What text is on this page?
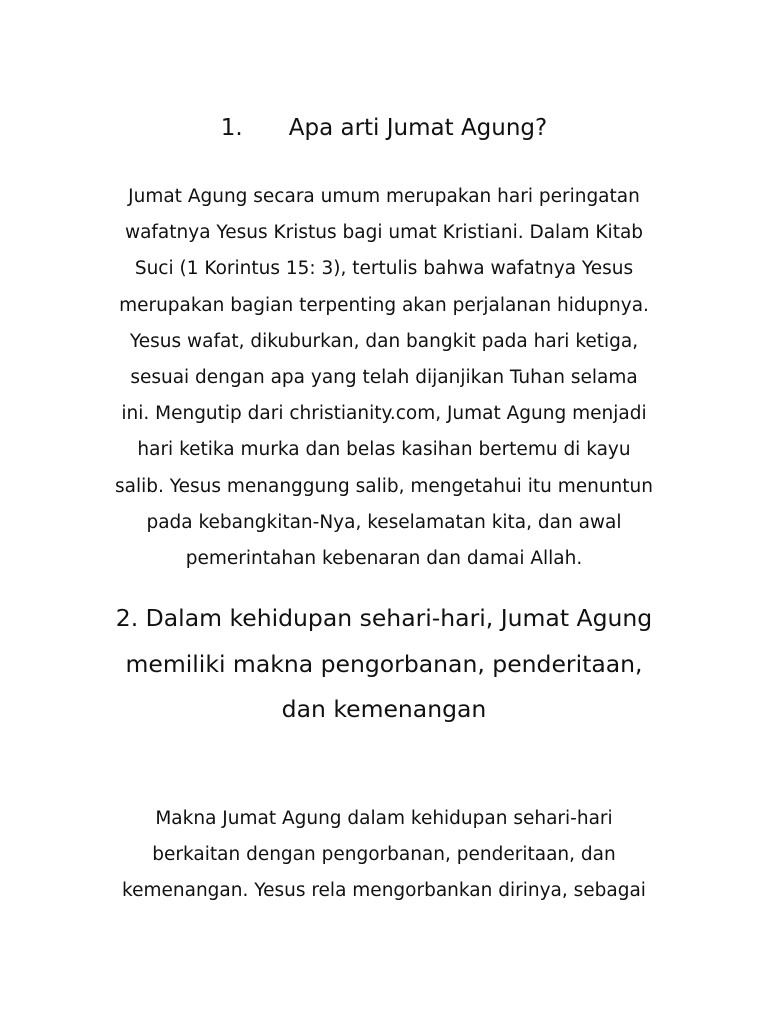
1. Apa arti Jumat Agung?
Jumat Agung secara umum merupakan hari peringatan
wafatnya Yesus Kristus bagi umat Kristiani. Dalam Kitab
Suci (1 Korintus 15: 3), tertulis bahwa wafatnya Yesus
merupakan bagian terpenting akan perjalanan hidupnya.
Yesus wafat, dikuburkan, dan bangkit pada hari ketiga,
sesuai dengan apa yang telah dijanjikan Tuhan selama
ini. Mengutip dari christianity.com, Jumat Agung menjadi
hari ketika murka dan belas kasihan bertemu di kayu
salib. Yesus menanggung salib, mengetahui itu menuntun
pada kebangkitan-Nya, keselamatan kita, dan awal
pemerintahan kebenaran dan damai Allah.
2. Dalam kehidupan sehari-hari, Jumat Agung
memiliki makna pengorbanan, penderitaan,
dan kemenangan
Makna Jumat Agung dalam kehidupan sehari-hari
berkaitan dengan pengorbanan, penderitaan, dan
kemenangan. Yesus rela mengorbankan dirinya, sebagai
